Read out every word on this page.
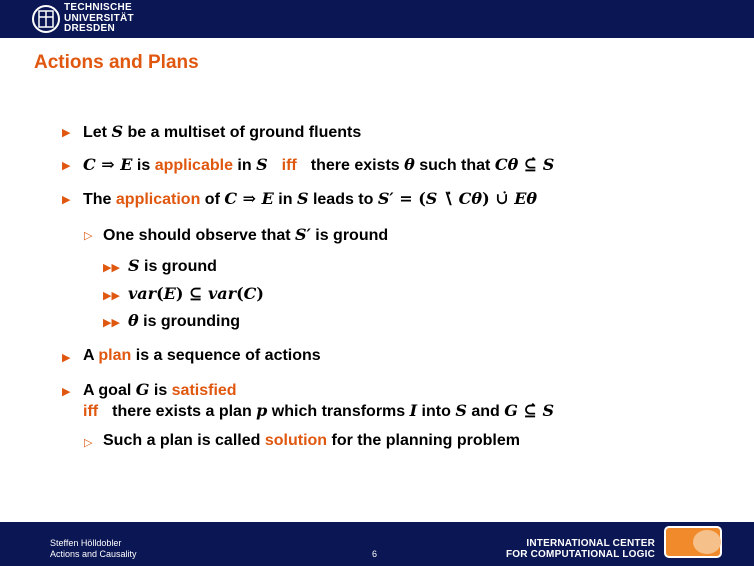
TECHNISCHE
UNIVERSITÄT
DRESDEN
Actions and Plans
▶ Let S be a multiset of ground fluents
▶ C ⇒ E is applicable in S iff there exists θ such that Cθ ⊆̇ S
▶ The application of C ⇒ E in S leads to S′ = (S ∖̇ Cθ) ∪̇ Eθ
▷ One should observe that S′ is ground
▶▶ S is ground
▶▶ var(E) ⊆ var(C)
▶▶ θ is grounding
▶ A plan is a sequence of actions
▶ A goal G is satisfied
iff there exists a plan p which transforms I into S and G ⊆̇ S
▷ Such a plan is called solution for the planning problem
Steffen Hölldobler
Actions and Causality	6
INTERNATIONAL CENTER
FOR COMPUTATIONAL LOGIC
